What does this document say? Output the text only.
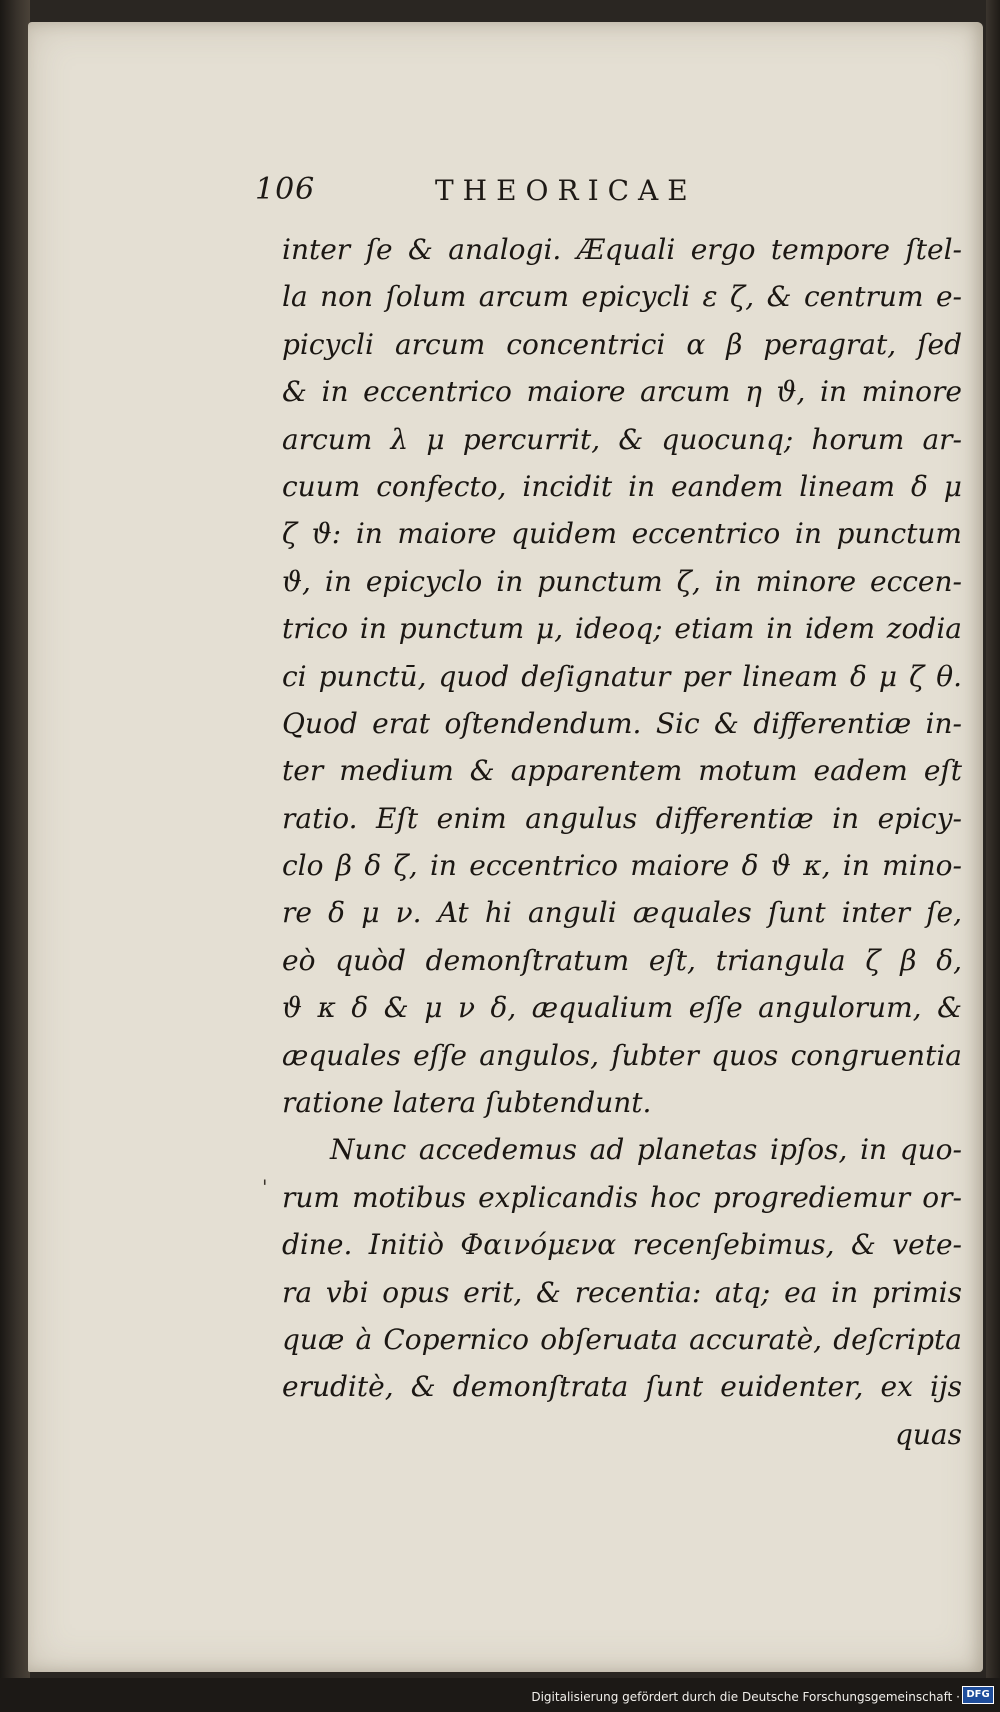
106	THEORICAE
inter ſe & analogi. Æquali ergo tempore ſtel-
la non ſolum arcum epicycli ε ζ, & centrum e-
picycli arcum concentrici α β peragrat, ſed
& in eccentrico maiore arcum η ϑ, in minore
arcum λ μ percurrit, & quocunq; horum ar-
cuum confecto, incidit in eandem lineam δ μ
ζ ϑ: in maiore quidem eccentrico in punctum
ϑ, in epicyclo in punctum ζ, in minore eccen-
trico in punctum μ, ideoq; etiam in idem zodia
ci punctū, quod deſignatur per lineam δ μ ζ θ.
Quod erat oſtendendum. Sic & differentiæ in-
ter medium & apparentem motum eadem eſt
ratio. Eſt enim angulus differentiæ in epicy-
clo β δ ζ, in eccentrico maiore δ ϑ κ, in mino-
re δ μ ν. At hi anguli æquales ſunt inter ſe,
eò quòd demonſtratum eſt, triangula ζ β δ,
ϑ κ δ & μ ν δ, æqualium eſſe angulorum, &
æquales eſſe angulos, ſubter quos congruentia
ratione latera ſubtendunt.
Nunc accedemus ad planetas ipſos, in quo-
rum motibus explicandis hoc progrediemur or-
dine. Initiò Φαινόμενα recenſebimus, & vete-
ra vbi opus erit, & recentia: atq; ea in primis
quæ à Copernico obſeruata accuratè, deſcripta
eruditè, & demonſtrata ſunt euidenter, ex ijs
quas
'
Digitalisierung gefördert durch die Deutsche Forschungsgemeinschaft · DFG
